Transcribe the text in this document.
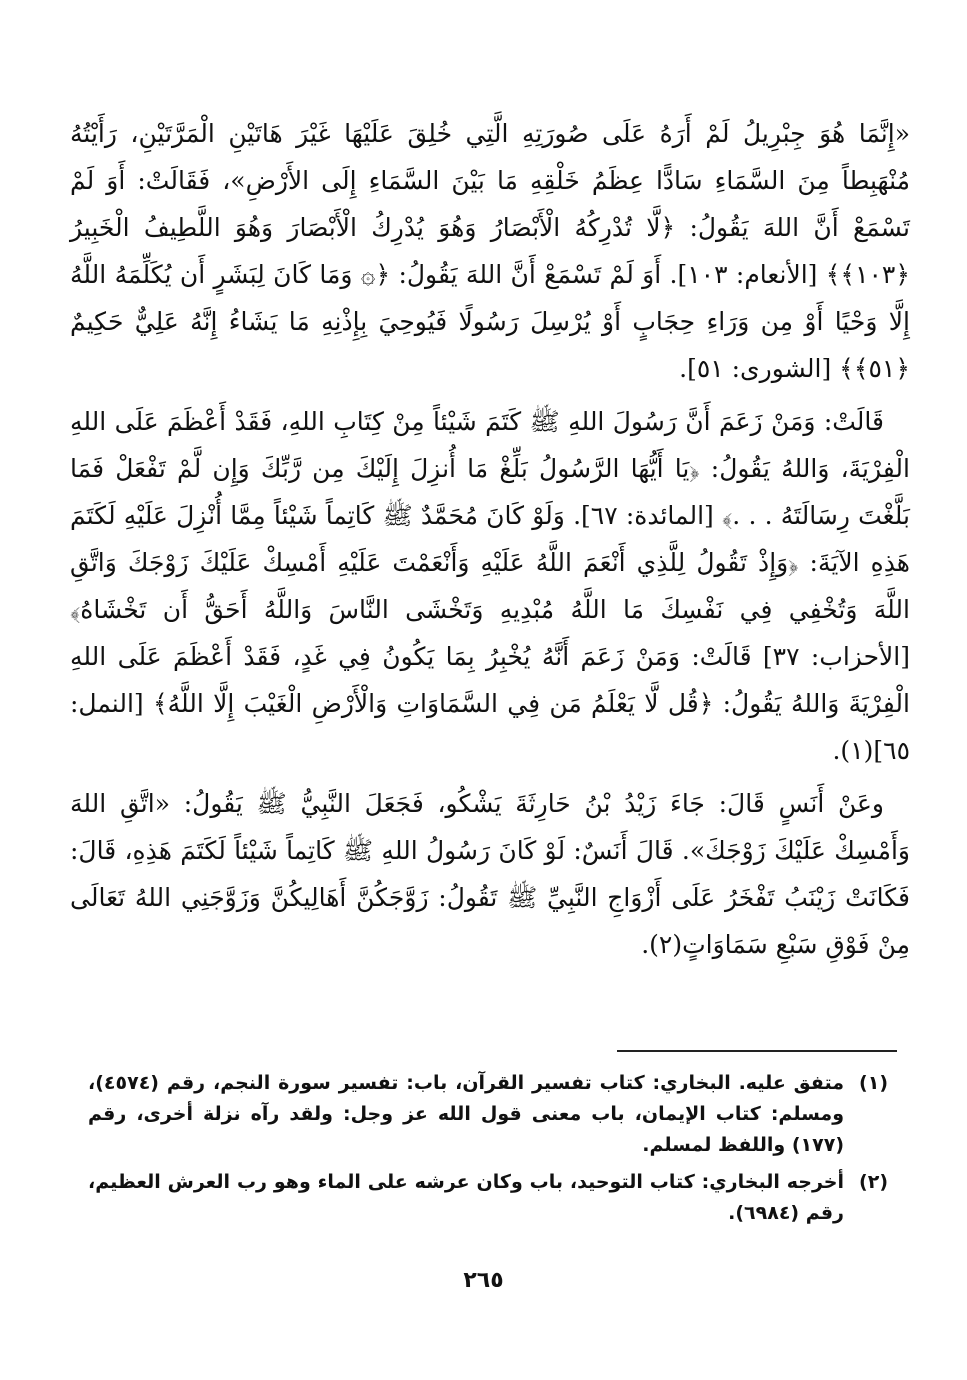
«إِنَّمَا هُوَ جِبْرِيلُ لَمْ أَرَهُ عَلَى صُورَتِهِ الَّتِي خُلِقَ عَلَيْهَا غَيْرَ هَاتَيْنِ الْمَرَّتَيْنِ، رَأَيْتُهُ مُنْهَبِطاً مِنَ السَّمَاءِ سَادًّا عِظَمُ خَلْقِهِ مَا بَيْنَ السَّمَاءِ إِلَى الأَرْضِ»، فَقَالَتْ: أَوَ لَمْ تَسْمَعْ أَنَّ اللهَ يَقُولُ: ﴿لَّا تُدْرِكُهُ الْأَبْصَارُ وَهُوَ يُدْرِكُ الْأَبْصَارَ وَهُوَ اللَّطِيفُ الْخَبِيرُ ﴿١٠٣﴾﴾ [الأنعام: ١٠٣]. أَوَ لَمْ تَسْمَعْ أَنَّ اللهَ يَقُولُ: ﴿۞ وَمَا كَانَ لِبَشَرٍ أَن يُكَلِّمَهُ اللَّهُ إِلَّا وَحْيًا أَوْ مِن وَرَاءِ حِجَابٍ أَوْ يُرْسِلَ رَسُولًا فَيُوحِيَ بِإِذْنِهِ مَا يَشَاءُ إِنَّهُ عَلِيٌّ حَكِيمٌ ﴿٥١﴾﴾ [الشورى: ٥١].

قَالَتْ: وَمَنْ زَعَمَ أَنَّ رَسُولَ اللهِ ﷺ كَتَمَ شَيْئاً مِنْ كِتَابِ اللهِ، فَقَدْ أَعْظَمَ عَلَى اللهِ الْفِرْيَةَ، وَاللهُ يَقُولُ: ﴿يَا أَيُّهَا الرَّسُولُ بَلِّغْ مَا أُنزِلَ إِلَيْكَ مِن رَّبِّكَ وَإِن لَّمْ تَفْعَلْ فَمَا بَلَّغْتَ رِسَالَتَهُ . . .﴾ [المائدة: ٦٧]. وَلَوْ كَانَ مُحَمَّدٌ ﷺ كَاتِماً شَيْئاً مِمَّا أُنْزِلَ عَلَيْهِ لَكَتَمَ هَذِهِ الآيَةَ: ﴿وَإِذْ تَقُولُ لِلَّذِي أَنْعَمَ اللَّهُ عَلَيْهِ وَأَنْعَمْتَ عَلَيْهِ أَمْسِكْ عَلَيْكَ زَوْجَكَ وَاتَّقِ اللَّهَ وَتُخْفِي فِي نَفْسِكَ مَا اللَّهُ مُبْدِيهِ وَتَخْشَى النَّاسَ وَاللَّهُ أَحَقُّ أَن تَخْشَاهُ﴾ [الأحزاب: ٣٧] قَالَتْ: وَمَنْ زَعَمَ أَنَّهُ يُخْبِرُ بِمَا يَكُونُ فِي غَدٍ، فَقَدْ أَعْظَمَ عَلَى اللهِ الْفِرْيَةَ وَاللهُ يَقُولُ: ﴿قُل لَّا يَعْلَمُ مَن فِي السَّمَاوَاتِ وَالْأَرْضِ الْغَيْبَ إِلَّا اللَّهُ﴾ [النمل: ٦٥](١).

وعَنْ أَنَسٍ قَالَ: جَاءَ زَيْدُ بْنُ حَارِثَةَ يَشْكُو، فَجَعَلَ النَّبِيُّ ﷺ يَقُولُ: «اتَّقِ اللهَ وَأَمْسِكْ عَلَيْكَ زَوْجَكَ». قَالَ أَنَسٌ: لَوْ كَانَ رَسُولُ اللهِ ﷺ كَاتِماً شَيْئاً لَكَتَمَ هَذِهِ، قَالَ: فَكَانَتْ زَيْنَبُ تَفْخَرُ عَلَى أَزْوَاجِ النَّبِيِّ ﷺ تَقُولُ: زَوَّجَكُنَّ أَهَالِيكُنَّ وَزَوَّجَنِي اللهُ تَعَالَى مِنْ فَوْقِ سَبْعِ سَمَاوَاتٍ(٢).

(١)
متفق عليه. البخاري: كتاب تفسير القرآن، باب: تفسير سورة النجم، رقم (٤٥٧٤)، ومسلم: كتاب الإيمان، باب معنى قول الله عز وجل: ولقد رآه نزلة أخرى، رقم (١٧٧) واللفظ لمسلم.
(٢)
أخرجه البخاري: كتاب التوحيد، باب وكان عرشه على الماء وهو رب العرش العظيم، رقم (٦٩٨٤).
٢٦٥
